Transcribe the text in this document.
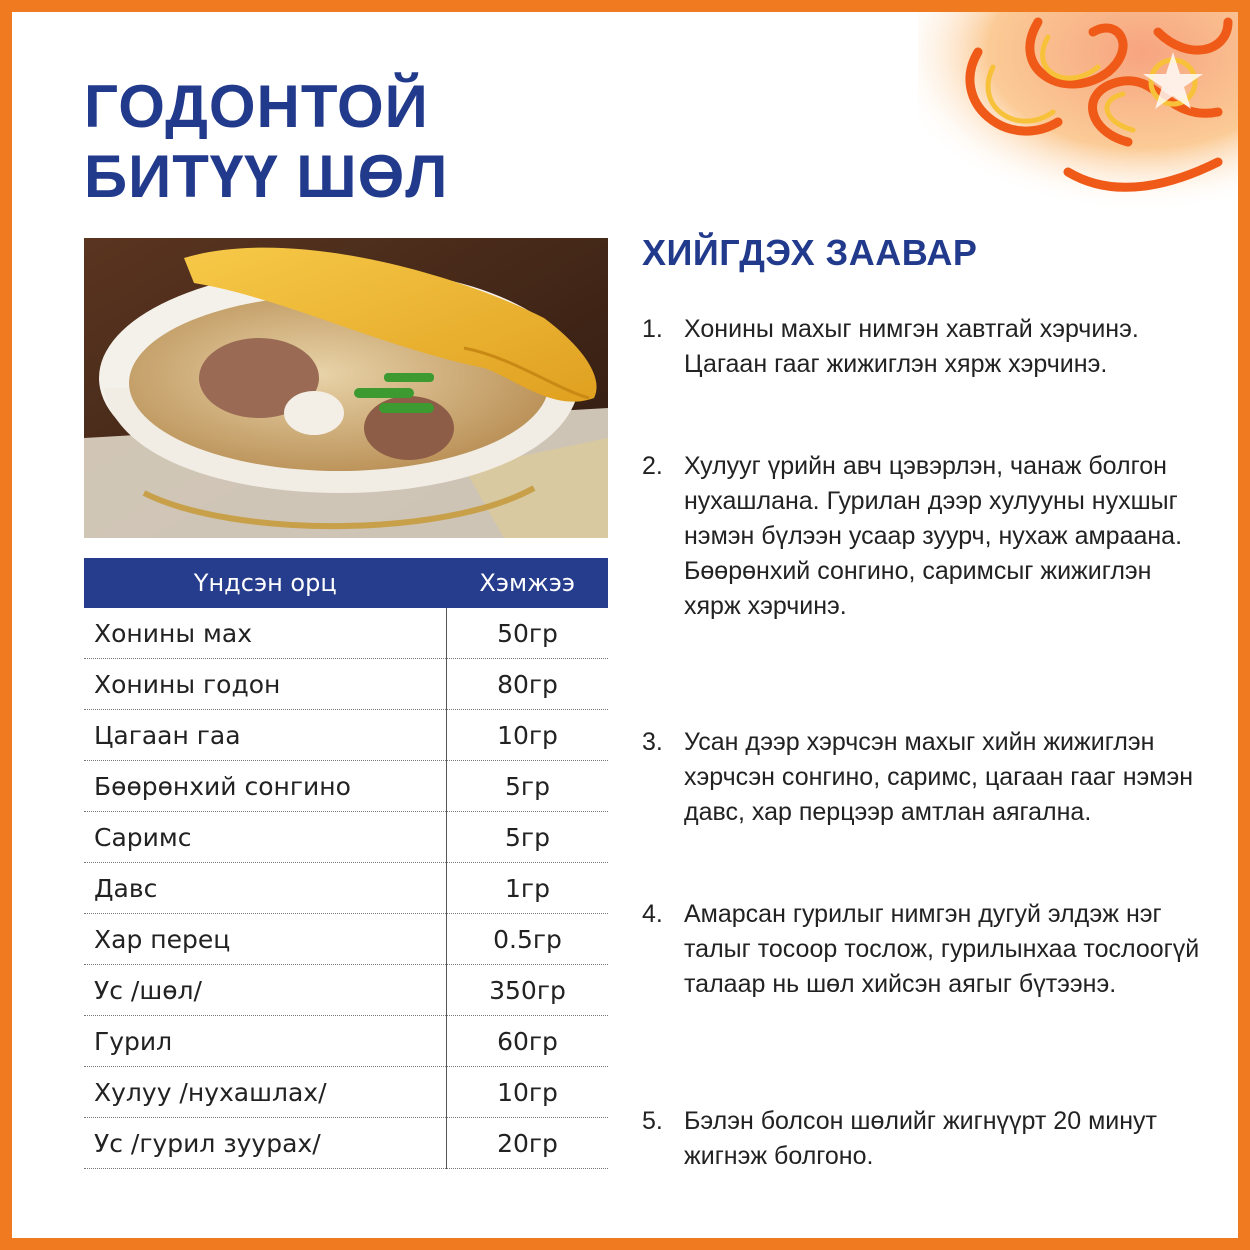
ГОДОНТОЙ
БИТҮҮ ШӨЛ
Үндсэн орц	Хэмжээ
Хонины мах	50гр
Хонины годон	80гр
Цагаан гаа	10гр
Бөөрөнхий сонгино	5гр
Саримс	5гр
Давс	1гр
Хар перец	0.5гр
Ус /шөл/	350гр
Гурил	60гр
Хулуу /нухашлах/	10гр
Ус /гурил зуурах/	20гр
ХИЙГДЭХ ЗААВАР
1. Хонины махыг нимгэн хавтгай хэрчинэ. Цагаан гааг жижиглэн хярж хэрчинэ.
2. Хулууг үрийн авч цэвэрлэн, чанаж болгон нухашлана. Гурилан дээр хулууны нухшыг нэмэн бүлээн усаар зуурч, нухаж амраана. Бөөрөнхий сонгино, саримсыг жижиглэн хярж хэрчинэ.
3. Усан дээр хэрчсэн махыг хийн жижиглэн хэрчсэн сонгино, саримс, цагаан гааг нэмэн давс, хар перцээр амтлан аягална.
4. Амарсан гурилыг нимгэн дугуй элдэж нэг талыг тосоор тослож, гурилынхаа тослоогүй талаар нь шөл хийсэн аягыг бүтээнэ.
5. Бэлэн болсон шөлийг жигнүүрт 20 минут жигнэж болгоно.
